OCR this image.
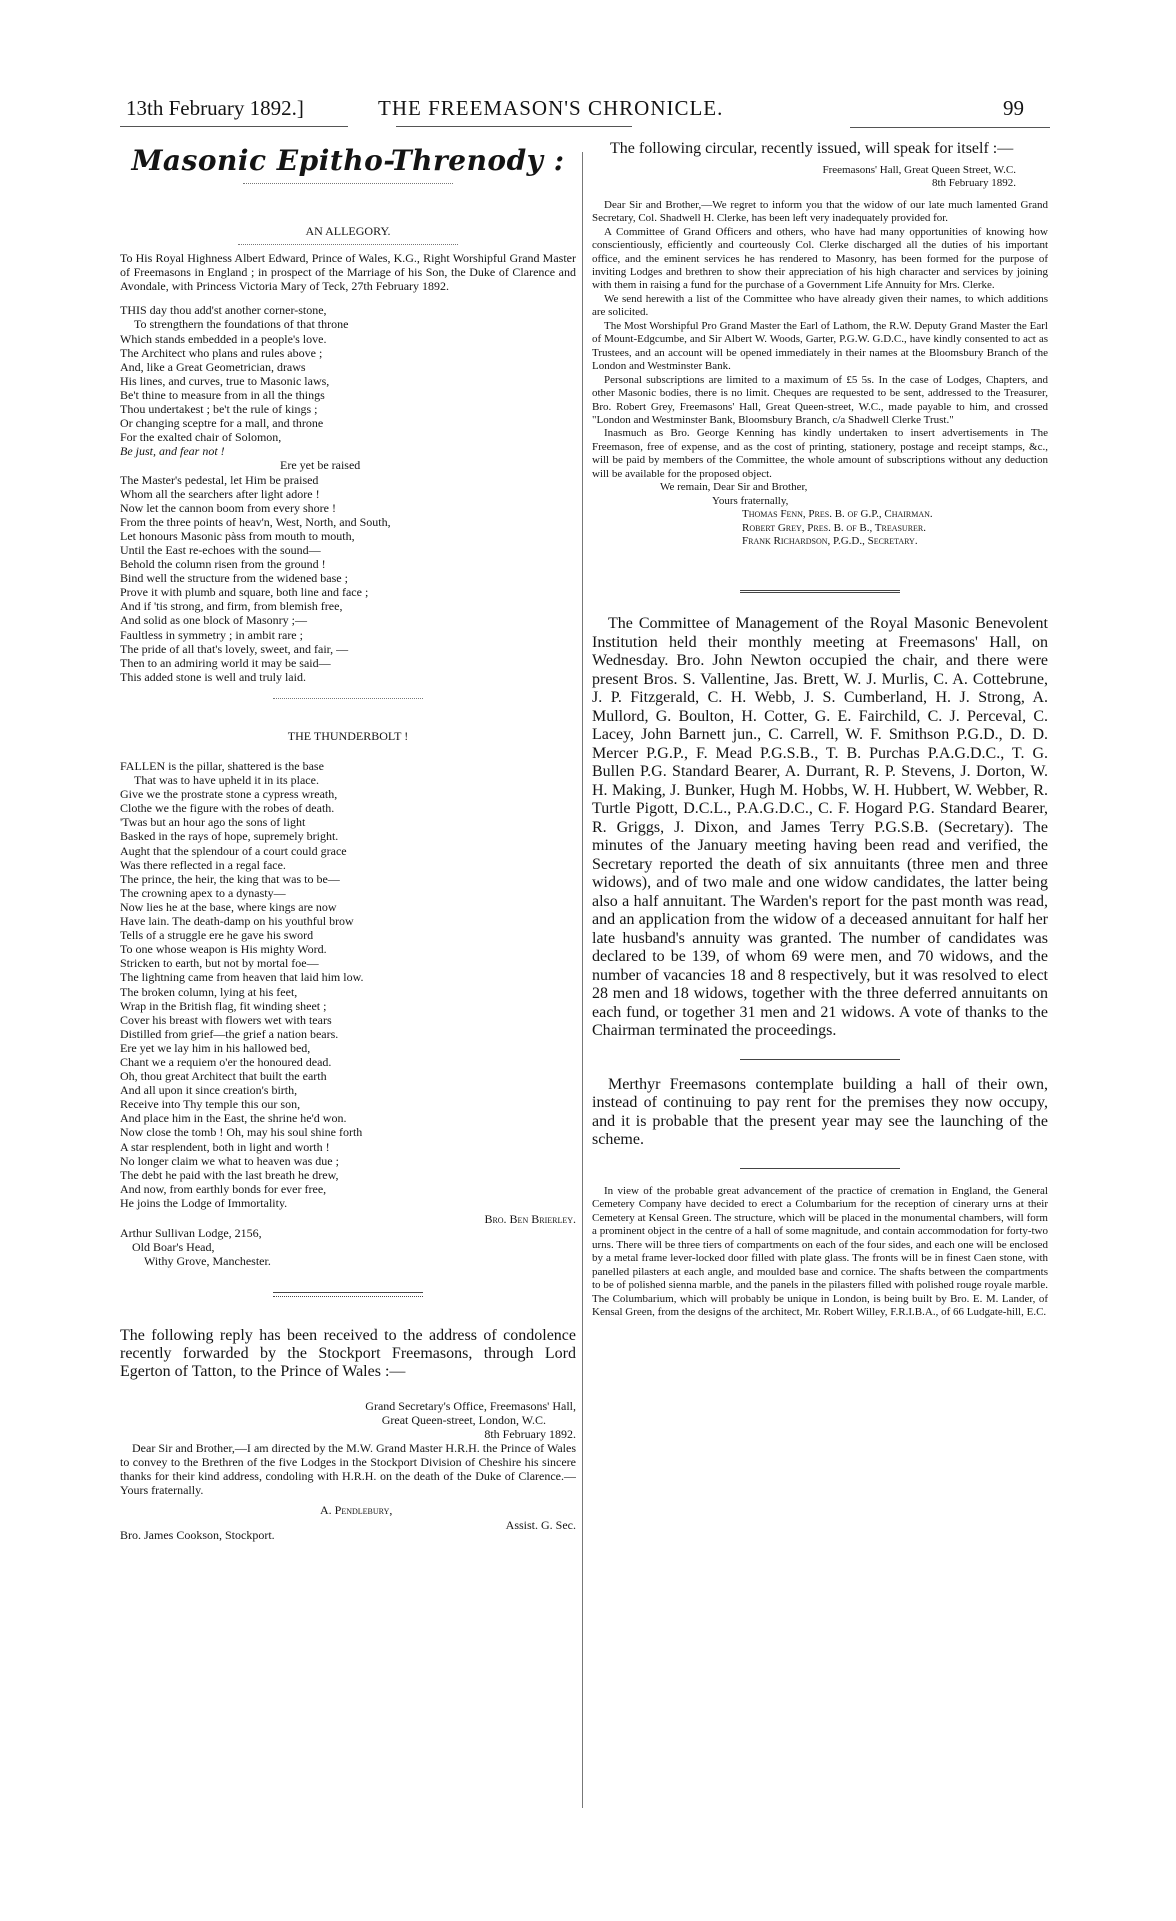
13th February 1892.]	THE FREEMASON'S CHRONICLE.	99
Masonic Epitho-Threnody :

AN ALLEGORY.

To His Royal Highness Albert Edward, Prince of Wales, K.G., Right Worshipful Grand Master of Freemasons in England ; in prospect of the Marriage of his Son, the Duke of Clarence and Avondale, with Princess Victoria Mary of Teck, 27th February 1892.

THIS day thou add'st another corner-stone,

To strengthern the foundations of that throne

Which stands embedded in a people's love.

The Architect who plans and rules above ;

And, like a Great Geometrician, draws

His lines, and curves, true to Masonic laws,

Be't thine to measure from in all the things

Thou undertakest ; be't the rule of kings ;

Or changing sceptre for a mall, and throne

For the exalted chair of Solomon,

Be just, and fear not !

Ere yet be raised

The Master's pedestal, let Him be praised

Whom all the searchers after light adore !

Now let the cannon boom from every shore !

From the three points of heav'n, West, North, and South,

Let honours Masonic pàss from mouth to mouth,

Until the East re-echoes with the sound—

Behold the column risen from the ground !

Bind well the structure from the widened base ;

Prove it with plumb and square, both line and face ;

And if 'tis strong, and firm, from blemish free,

And solid as one block of Masonry ;—

Faultless in symmetry ; in ambit rare ;

The pride of all that's lovely, sweet, and fair, —

Then to an admiring world it may be said—

This added stone is well and truly laid.

THE THUNDERBOLT !

FALLEN is the pillar, shattered is the base

That was to have upheld it in its place.

Give we the prostrate stone a cypress wreath,

Clothe we the figure with the robes of death.

'Twas but an hour ago the sons of light

Basked in the rays of hope, supremely bright.

Aught that the splendour of a court could grace

Was there reflected in a regal face.

The prince, the heir, the king that was to be—

The crowning apex to a dynasty—

Now lies he at the base, where kings are now

Have lain. The death-damp on his youthful brow

Tells of a struggle ere he gave his sword

To one whose weapon is His mighty Word.

Stricken to earth, but not by mortal foe—

The lightning came from heaven that laid him low.

The broken column, lying at his feet,

Wrap in the British flag, fit winding sheet ;

Cover his breast with flowers wet with tears

Distilled from grief—the grief a nation bears.

Ere yet we lay him in his hallowed bed,

Chant we a requiem o'er the honoured dead.

Oh, thou great Architect that built the earth

And all upon it since creation's birth,

Receive into Thy temple this our son,

And place him in the East, the shrine he'd won.

Now close the tomb ! Oh, may his soul shine forth

A star resplendent, both in light and worth !

No longer claim we what to heaven was due ;

The debt he paid with the last breath he drew,

And now, from earthly bonds for ever free,

He joins the Lodge of Immortality.

Bro. Ben Brierley.

Arthur Sullivan Lodge, 2156,

Old Boar's Head,

Withy Grove, Manchester.

The following reply has been received to the address of condolence recently forwarded by the Stockport Freemasons, through Lord Egerton of Tatton, to the Prince of Wales :—

Grand Secretary's Office, Freemasons' Hall,

Great Queen-street, London, W.C.

8th February 1892.

Dear Sir and Brother,—I am directed by the M.W. Grand Master H.R.H. the Prince of Wales to convey to the Brethren of the five Lodges in the Stockport Division of Cheshire his sincere thanks for their kind address, condoling with H.R.H. on the death of the Duke of Clarence.—Yours fraternally.

A. Pendlebury,

Assist. G. Sec.

Bro. James Cookson, Stockport.

The following circular, recently issued, will speak for itself :—

Freemasons' Hall, Great Queen Street, W.C.

8th February 1892.

Dear Sir and Brother,—We regret to inform you that the widow of our late much lamented Grand Secretary, Col. Shadwell H. Clerke, has been left very inadequately provided for.

A Committee of Grand Officers and others, who have had many opportunities of knowing how conscientiously, efficiently and courteously Col. Clerke discharged all the duties of his important office, and the eminent services he has rendered to Masonry, has been formed for the purpose of inviting Lodges and brethren to show their appreciation of his high character and services by joining with them in raising a fund for the purchase of a Government Life Annuity for Mrs. Clerke.

We send herewith a list of the Committee who have already given their names, to which additions are solicited.

The Most Worshipful Pro Grand Master the Earl of Lathom, the R.W. Deputy Grand Master the Earl of Mount-Edgcumbe, and Sir Albert W. Woods, Garter, P.G.W. G.D.C., have kindly consented to act as Trustees, and an account will be opened immediately in their names at the Bloomsbury Branch of the London and Westminster Bank.

Personal subscriptions are limited to a maximum of £5 5s. In the case of Lodges, Chapters, and other Masonic bodies, there is no limit. Cheques are requested to be sent, addressed to the Treasurer, Bro. Robert Grey, Freemasons' Hall, Great Queen-street, W.C., made payable to him, and crossed "London and Westminster Bank, Bloomsbury Branch, c/a Shadwell Clerke Trust."

Inasmuch as Bro. George Kenning has kindly undertaken to insert advertisements in The Freemason, free of expense, and as the cost of printing, stationery, postage and receipt stamps, &c., will be paid by members of the Committee, the whole amount of subscriptions without any deduction will be available for the proposed object.

We remain, Dear Sir and Brother,

Yours fraternally,

Thomas Fenn, Pres. B. of G.P., Chairman.

Robert Grey, Pres. B. of B., Treasurer.

Frank Richardson, P.G.D., Secretary.

The Committee of Management of the Royal Masonic Benevolent Institution held their monthly meeting at Freemasons' Hall, on Wednesday. Bro. John Newton occupied the chair, and there were present Bros. S. Vallentine, Jas. Brett, W. J. Murlis, C. A. Cottebrune, J. P. Fitzgerald, C. H. Webb, J. S. Cumberland, H. J. Strong, A. Mullord, G. Boulton, H. Cotter, G. E. Fairchild, C. J. Perceval, C. Lacey, John Barnett jun., C. Carrell, W. F. Smithson P.G.D., D. D. Mercer P.G.P., F. Mead P.G.S.B., T. B. Purchas P.A.G.D.C., T. G. Bullen P.G. Standard Bearer, A. Durrant, R. P. Stevens, J. Dorton, W. H. Making, J. Bunker, Hugh M. Hobbs, W. H. Hubbert, W. Webber, R. Turtle Pigott, D.C.L., P.A.G.D.C., C. F. Hogard P.G. Standard Bearer, R. Griggs, J. Dixon, and James Terry P.G.S.B. (Secretary). The minutes of the January meeting having been read and verified, the Secretary reported the death of six annuitants (three men and three widows), and of two male and one widow candidates, the latter being also a half annuitant. The Warden's report for the past month was read, and an application from the widow of a deceased annuitant for half her late husband's annuity was granted. The number of candidates was declared to be 139, of whom 69 were men, and 70 widows, and the number of vacancies 18 and 8 respectively, but it was resolved to elect 28 men and 18 widows, together with the three deferred annuitants on each fund, or together 31 men and 21 widows. A vote of thanks to the Chairman terminated the proceedings.

Merthyr Freemasons contemplate building a hall of their own, instead of continuing to pay rent for the premises they now occupy, and it is probable that the present year may see the launching of the scheme.

In view of the probable great advancement of the practice of cremation in England, the General Cemetery Company have decided to erect a Columbarium for the reception of cinerary urns at their Cemetery at Kensal Green. The structure, which will be placed in the monumental chambers, will form a prominent object in the centre of a hall of some magnitude, and contain accommodation for forty-two urns. There will be three tiers of compartments on each of the four sides, and each one will be enclosed by a metal frame lever-locked door filled with plate glass. The fronts will be in finest Caen stone, with panelled pilasters at each angle, and moulded base and cornice. The shafts between the compartments to be of polished sienna marble, and the panels in the pilasters filled with polished rouge royale marble. The Columbarium, which will probably be unique in London, is being built by Bro. E. M. Lander, of Kensal Green, from the designs of the architect, Mr. Robert Willey, F.R.I.B.A., of 66 Ludgate-hill, E.C.
